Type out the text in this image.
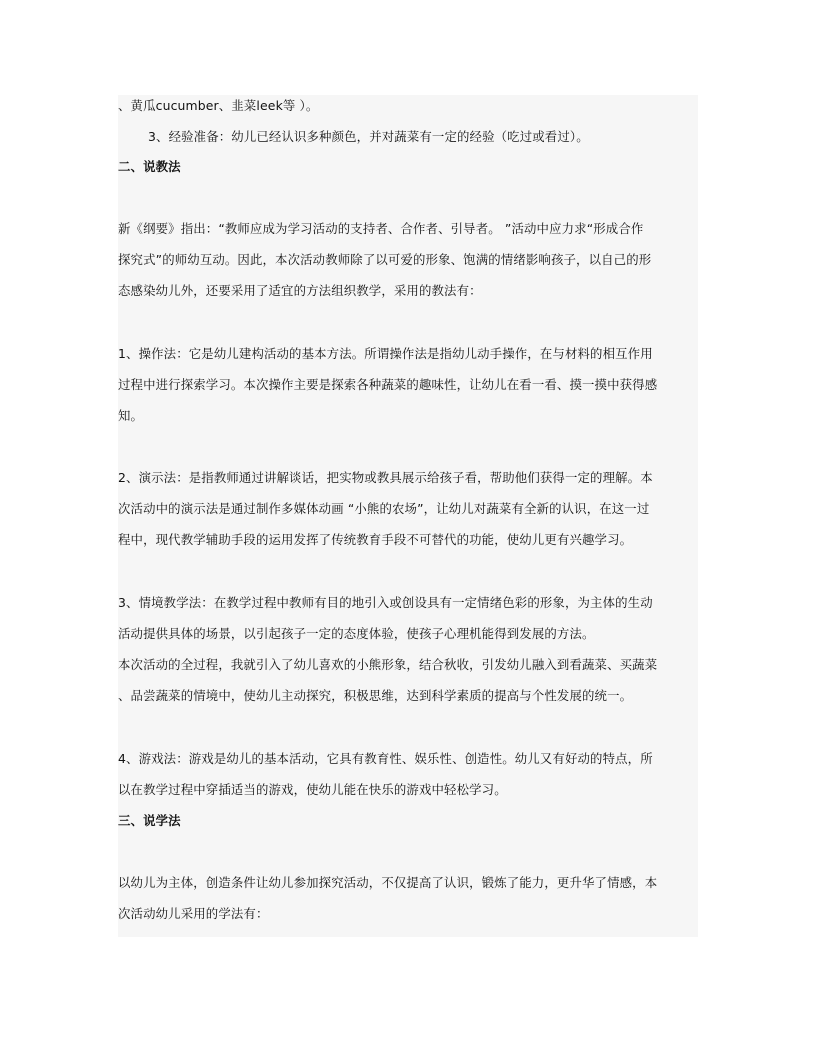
、黄瓜cucumber、韭菜leek等 ）。
3、经验准备：幼儿已经认识多种颜色，并对蔬菜有一定的经验（吃过或看过）。
二、说教法
新《纲要》指出：“教师应成为学习活动的支持者、合作者、引导者。 ”活动中应力求“形成合作
探究式”的师幼互动。因此，本次活动教师除了以可爱的形象、饱满的情绪影响孩子，以自己的形
态感染幼儿外，还要采用了适宜的方法组织教学，采用的教法有：
1、操作法：它是幼儿建构活动的基本方法。所谓操作法是指幼儿动手操作，在与材料的相互作用
过程中进行探索学习。本次操作主要是探索各种蔬菜的趣味性，让幼儿在看一看、摸一摸中获得感
知。
2、演示法：是指教师通过讲解谈话，把实物或教具展示给孩子看，帮助他们获得一定的理解。本
次活动中的演示法是通过制作多媒体动画 “小熊的农场”，让幼儿对蔬菜有全新的认识，在这一过
程中，现代教学辅助手段的运用发挥了传统教育手段不可替代的功能，使幼儿更有兴趣学习。
3、情境教学法：在教学过程中教师有目的地引入或创设具有一定情绪色彩的形象，为主体的生动
活动提供具体的场景，以引起孩子一定的态度体验，使孩子心理机能得到发展的方法。
本次活动的全过程，我就引入了幼儿喜欢的小熊形象，结合秋收，引发幼儿融入到看蔬菜、买蔬菜
、品尝蔬菜的情境中，使幼儿主动探究，积极思维，达到科学素质的提高与个性发展的统一。
4、游戏法：游戏是幼儿的基本活动，它具有教育性、娱乐性、创造性。幼儿又有好动的特点，所
以在教学过程中穿插适当的游戏，使幼儿能在快乐的游戏中轻松学习。
三、说学法
以幼儿为主体，创造条件让幼儿参加探究活动，不仅提高了认识，锻炼了能力，更升华了情感，本
次活动幼儿采用的学法有：
